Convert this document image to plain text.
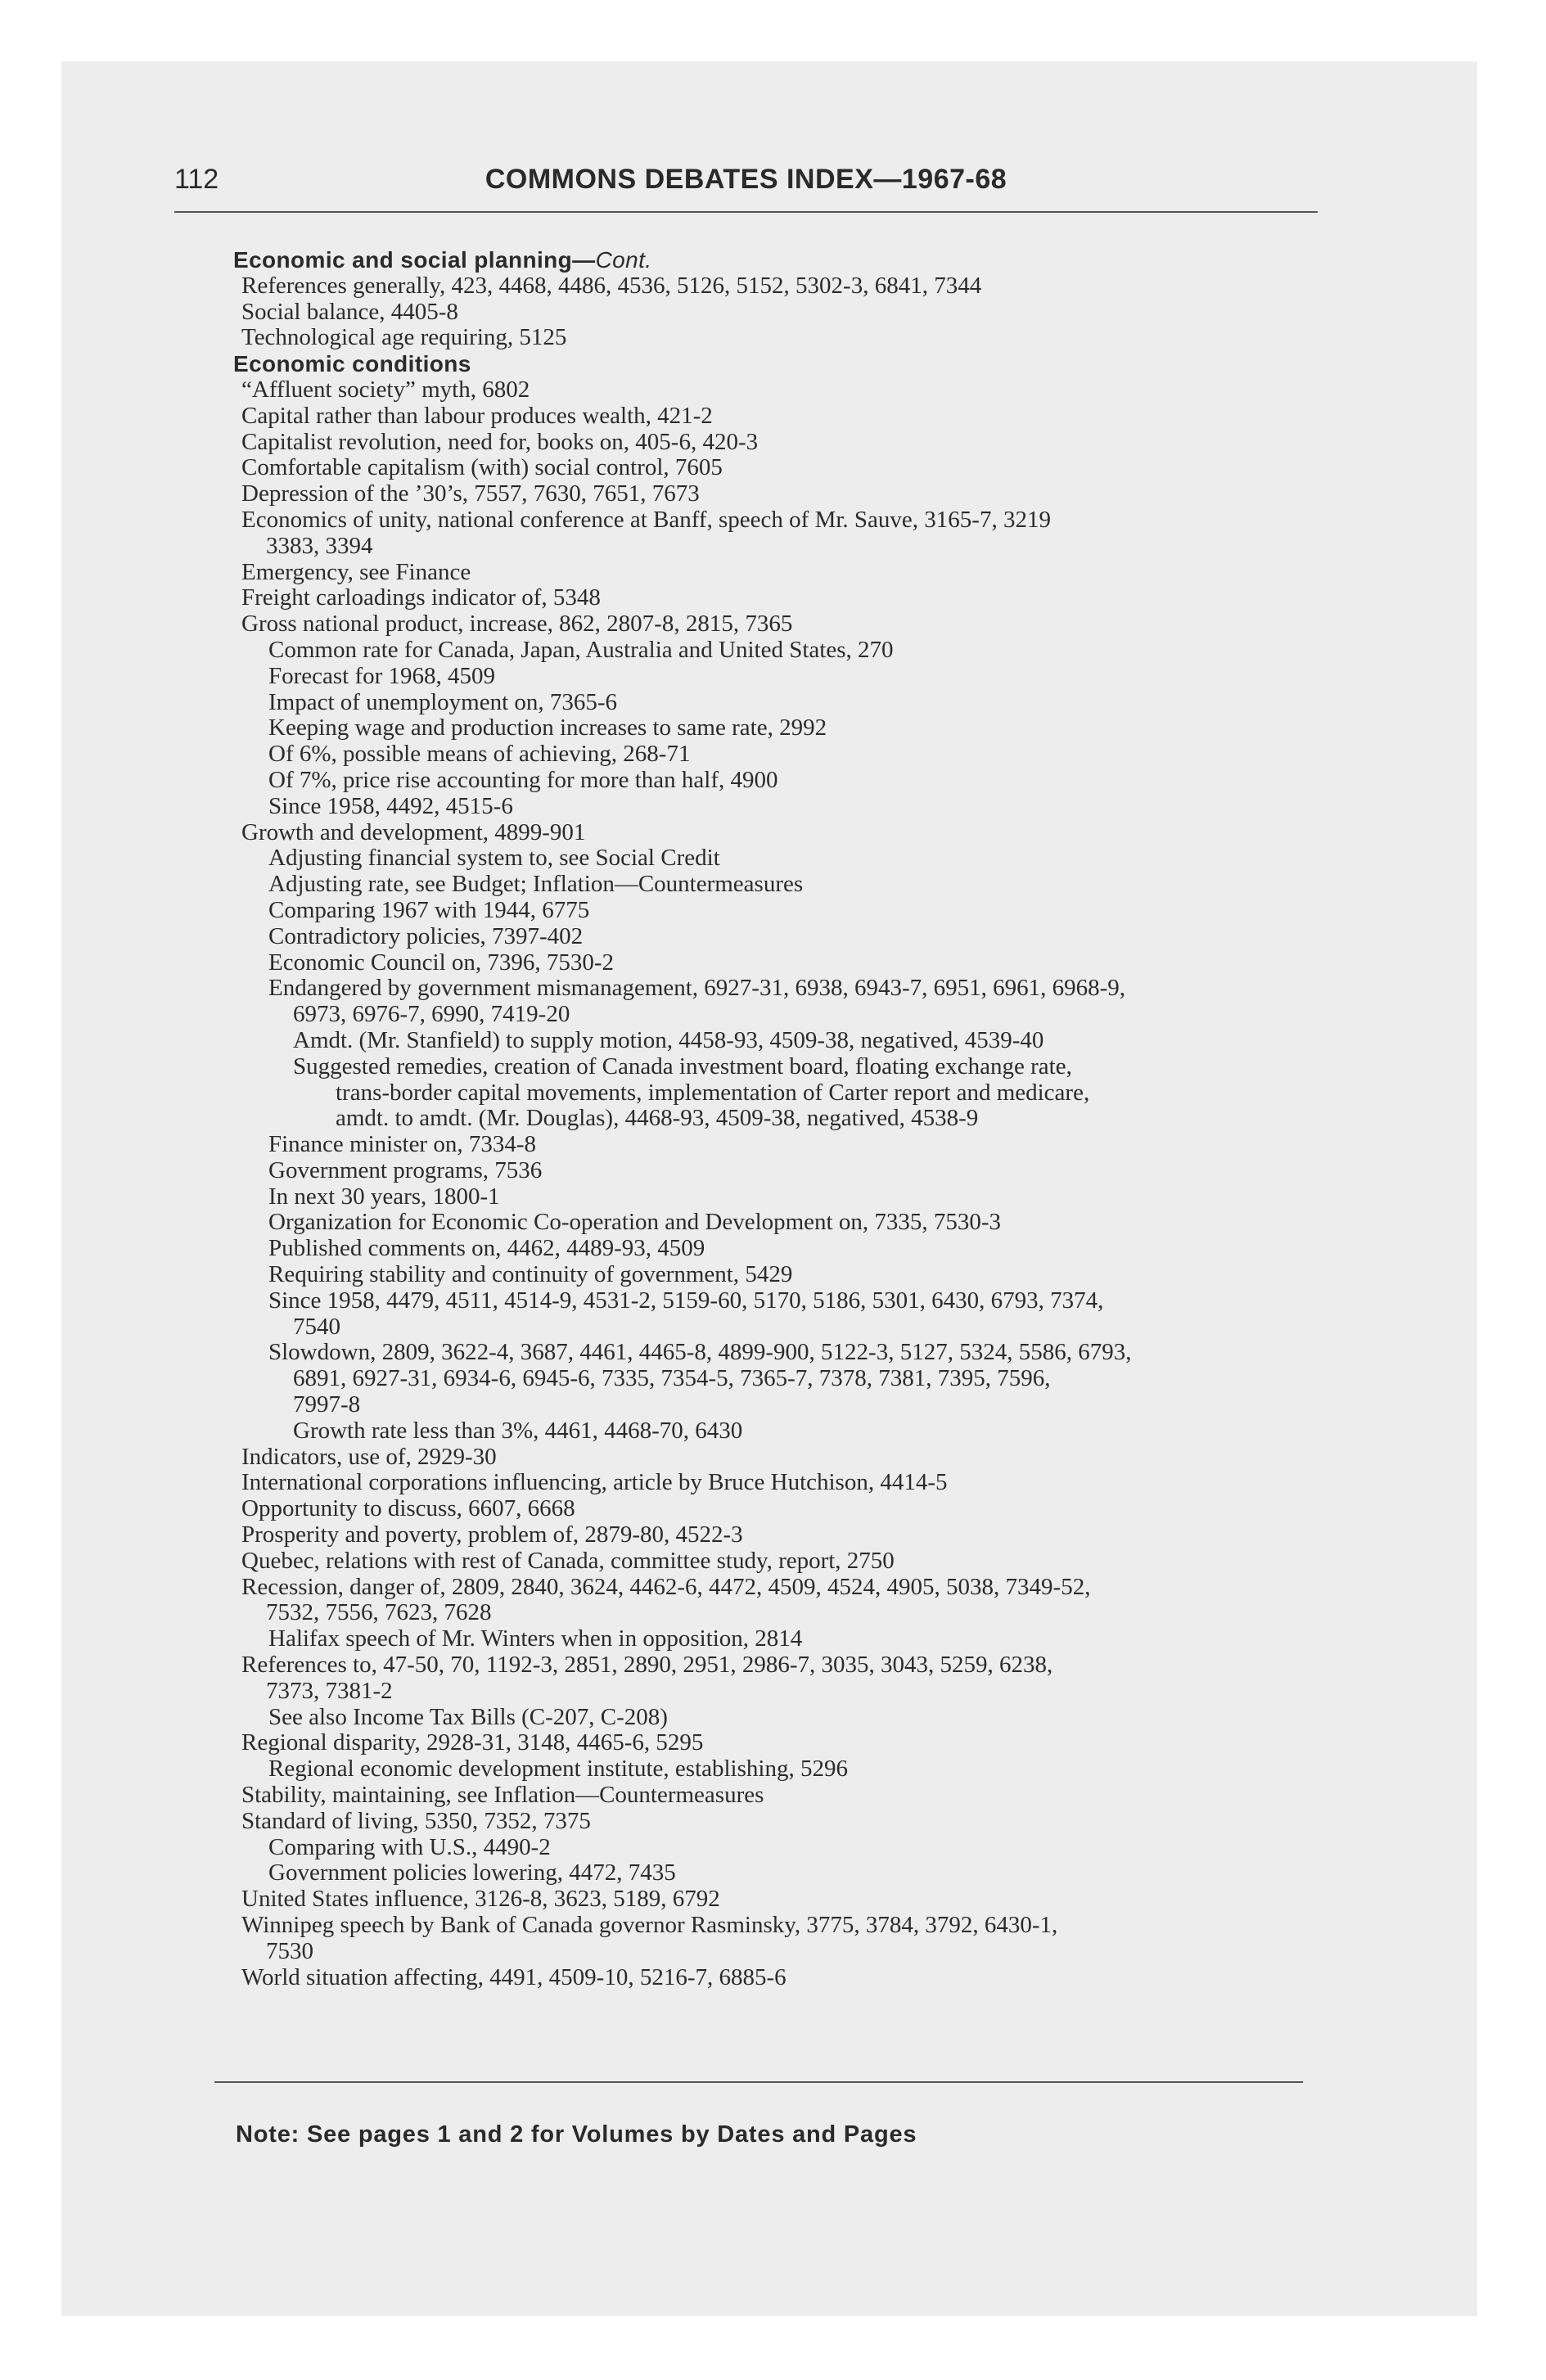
112	COMMONS DEBATES INDEX—1967-68
Economic and social planning—Cont.
References generally, 423, 4468, 4486, 4536, 5126, 5152, 5302-3, 6841, 7344
Social balance, 4405-8
Technological age requiring, 5125
Economic conditions
“Affluent society” myth, 6802
Capital rather than labour produces wealth, 421-2
Capitalist revolution, need for, books on, 405-6, 420-3
Comfortable capitalism (with) social control, 7605
Depression of the ’30’s, 7557, 7630, 7651, 7673
Economics of unity, national conference at Banff, speech of Mr. Sauve, 3165-7, 3219
3383, 3394
Emergency, see Finance
Freight carloadings indicator of, 5348
Gross national product, increase, 862, 2807-8, 2815, 7365
Common rate for Canada, Japan, Australia and United States, 270
Forecast for 1968, 4509
Impact of unemployment on, 7365-6
Keeping wage and production increases to same rate, 2992
Of 6%, possible means of achieving, 268-71
Of 7%, price rise accounting for more than half, 4900
Since 1958, 4492, 4515-6
Growth and development, 4899-901
Adjusting financial system to, see Social Credit
Adjusting rate, see Budget; Inflation—Countermeasures
Comparing 1967 with 1944, 6775
Contradictory policies, 7397-402
Economic Council on, 7396, 7530-2
Endangered by government mismanagement, 6927-31, 6938, 6943-7, 6951, 6961, 6968-9,
6973, 6976-7, 6990, 7419-20
Amdt. (Mr. Stanfield) to supply motion, 4458-93, 4509-38, negatived, 4539-40
Suggested remedies, creation of Canada investment board, floating exchange rate,
trans-border capital movements, implementation of Carter report and medicare,
amdt. to amdt. (Mr. Douglas), 4468-93, 4509-38, negatived, 4538-9
Finance minister on, 7334-8
Government programs, 7536
In next 30 years, 1800-1
Organization for Economic Co-operation and Development on, 7335, 7530-3
Published comments on, 4462, 4489-93, 4509
Requiring stability and continuity of government, 5429
Since 1958, 4479, 4511, 4514-9, 4531-2, 5159-60, 5170, 5186, 5301, 6430, 6793, 7374,
7540
Slowdown, 2809, 3622-4, 3687, 4461, 4465-8, 4899-900, 5122-3, 5127, 5324, 5586, 6793,
6891, 6927-31, 6934-6, 6945-6, 7335, 7354-5, 7365-7, 7378, 7381, 7395, 7596,
7997-8
Growth rate less than 3%, 4461, 4468-70, 6430
Indicators, use of, 2929-30
International corporations influencing, article by Bruce Hutchison, 4414-5
Opportunity to discuss, 6607, 6668
Prosperity and poverty, problem of, 2879-80, 4522-3
Quebec, relations with rest of Canada, committee study, report, 2750
Recession, danger of, 2809, 2840, 3624, 4462-6, 4472, 4509, 4524, 4905, 5038, 7349-52,
7532, 7556, 7623, 7628
Halifax speech of Mr. Winters when in opposition, 2814
References to, 47-50, 70, 1192-3, 2851, 2890, 2951, 2986-7, 3035, 3043, 5259, 6238,
7373, 7381-2
See also Income Tax Bills (C-207, C-208)
Regional disparity, 2928-31, 3148, 4465-6, 5295
Regional economic development institute, establishing, 5296
Stability, maintaining, see Inflation—Countermeasures
Standard of living, 5350, 7352, 7375
Comparing with U.S., 4490-2
Government policies lowering, 4472, 7435
United States influence, 3126-8, 3623, 5189, 6792
Winnipeg speech by Bank of Canada governor Rasminsky, 3775, 3784, 3792, 6430-1,
7530
World situation affecting, 4491, 4509-10, 5216-7, 6885-6
Note: See pages 1 and 2 for Volumes by Dates and Pages
